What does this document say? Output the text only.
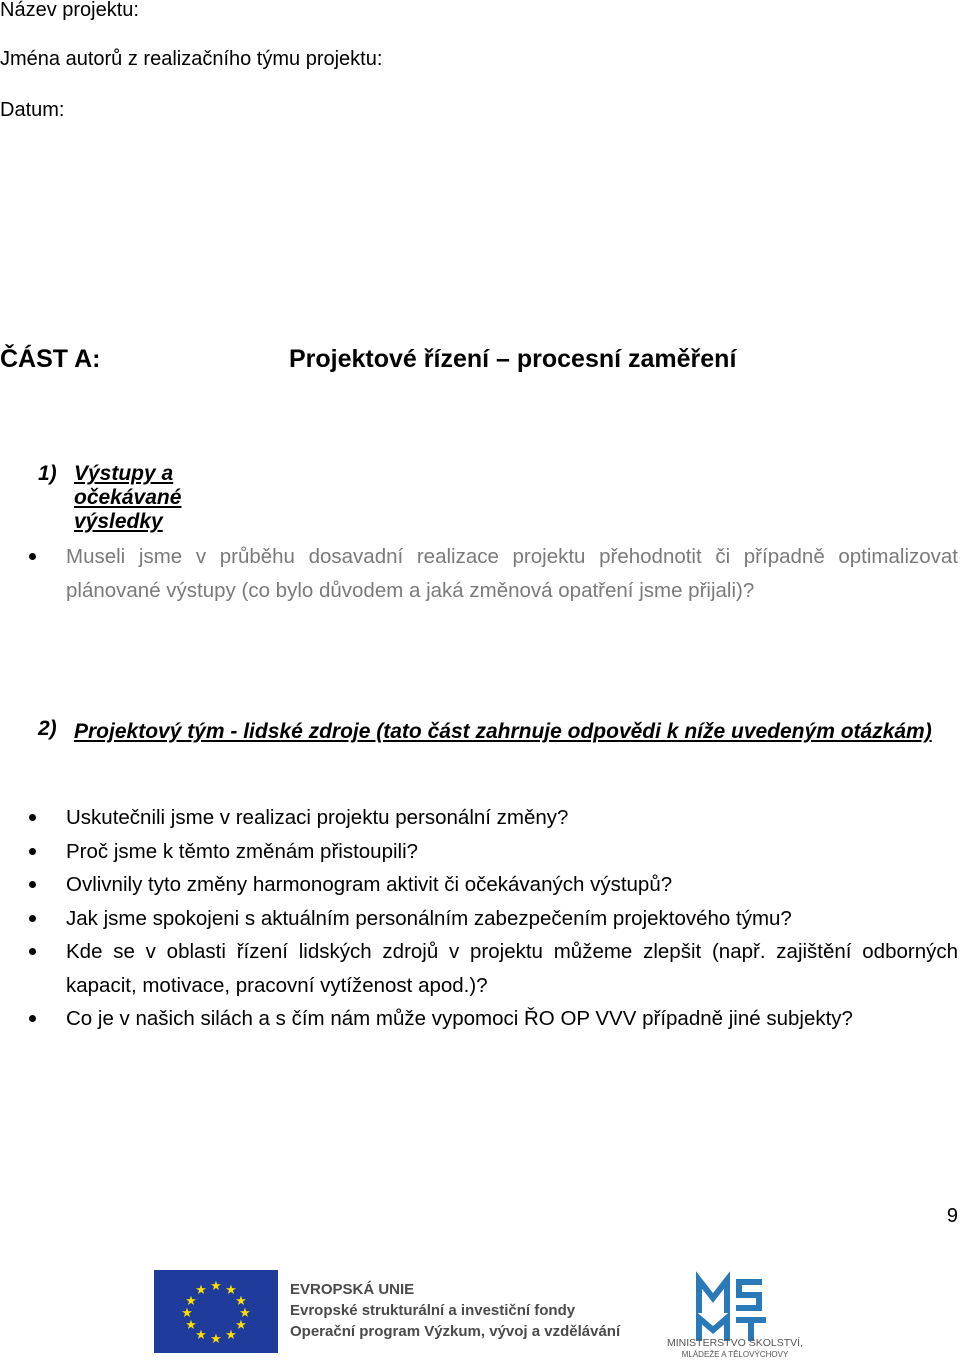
Název projektu:
Jména autorů z realizačního týmu projektu:
Datum:
ČÁST A:	Projektové řízení – procesní zaměření
1) Výstupy a očekávané výsledky
Museli jsme v průběhu dosavadní realizace projektu přehodnotit či případně optimalizovat plánované výstupy (co bylo důvodem a jaká změnová opatření jsme přijali)?
2) Projektový tým - lidské zdroje (tato část zahrnuje odpovědi k níže uvedeným otázkám)
Uskutečnili jsme v realizaci projektu personální změny?
Proč jsme k těmto změnám přistoupili?
Ovlivnily tyto změny harmonogram aktivit či očekávaných výstupů?
Jak jsme spokojeni s aktuálním personálním zabezpečením projektového týmu?
Kde se v oblasti řízení lidských zdrojů v projektu můžeme zlepšit (např. zajištění odborných kapacit, motivace, pracovní vytíženost apod.)?
Co je v našich silách a s čím nám může vypomoci ŘO OP VVV případně jiné subjekty?
9
★ ★
★
★
★
★
★
★
★
★
★
★	EVROPSKÁ UNIE
Evropské strukturální a investiční fondy
Operační program Výzkum, vývoj a vzdělávání
MINISTERSTVO ŠKOLSTVÍ,
MLÁDEŽE A TĚLOVÝCHOVY
